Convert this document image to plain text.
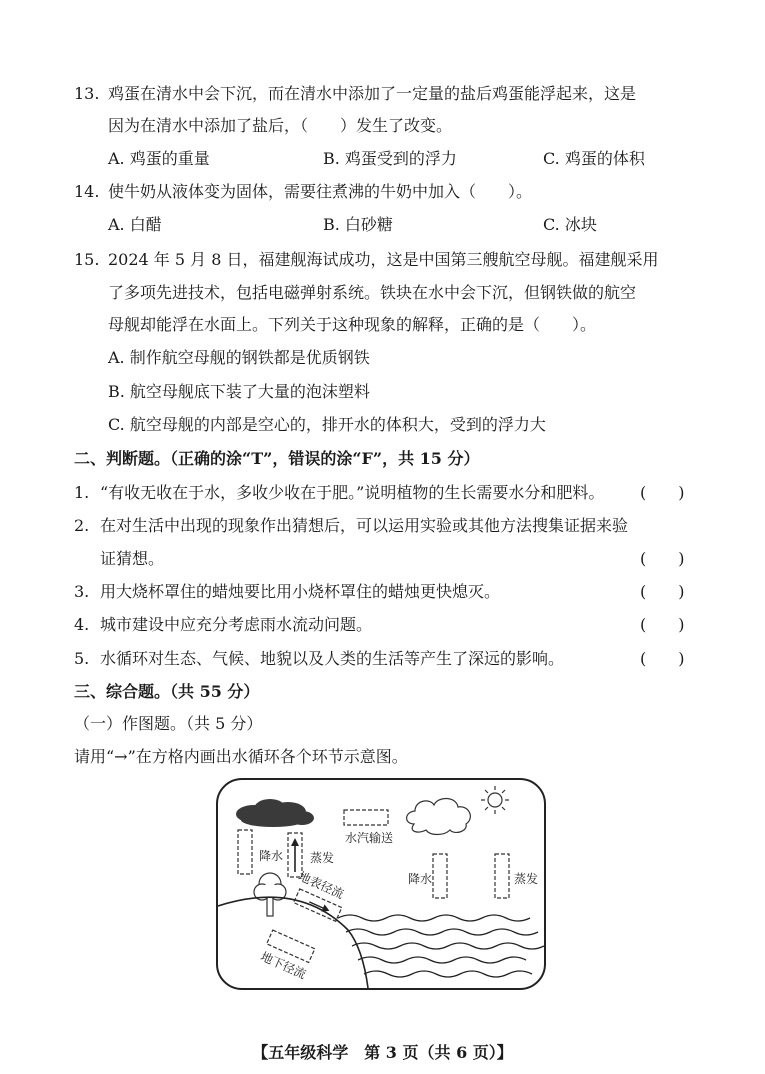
13. 鸡蛋在清水中会下沉，而在清水中添加了一定量的盐后鸡蛋能浮起来，这是
因为在清水中添加了盐后，（　　）发生了改变。
A. 鸡蛋的重量	B. 鸡蛋受到的浮力	C. 鸡蛋的体积
14. 使牛奶从液体变为固体，需要往煮沸的牛奶中加入（　　）。
A. 白醋	B. 白砂糖	C. 冰块
15. 2024 年 5 月 8 日，福建舰海试成功，这是中国第三艘航空母舰。福建舰采用
了多项先进技术，包括电磁弹射系统。铁块在水中会下沉，但钢铁做的航空
母舰却能浮在水面上。下列关于这种现象的解释，正确的是（　　）。
A. 制作航空母舰的钢铁都是优质钢铁
B. 航空母舰底下装了大量的泡沫塑料
C. 航空母舰的内部是空心的，排开水的体积大，受到的浮力大
二、判断题。（正确的涂“T”，错误的涂“F”，共 15 分）
1. “有收无收在于水，多收少收在于肥。”说明植物的生长需要水分和肥料。 (　　)
2. 在对生活中出现的现象作出猜想后，可以运用实验或其他方法搜集证据来验
证猜想。	(　　)
3. 用大烧杯罩住的蜡烛要比用小烧杯罩住的蜡烛更快熄灭。	(　　)
4. 城市建设中应充分考虑雨水流动问题。	(　　)
5. 水循环对生态、气候、地貌以及人类的生活等产生了深远的影响。	(　　)
三、综合题。（共 55 分）
（一）作图题。（共 5 分）
请用“→”在方格内画出水循环各个环节示意图。
水汽输送
降水 蒸发
降水	蒸发
地表径流
地下径流
【五年级科学　第 3 页（共 6 页）】
